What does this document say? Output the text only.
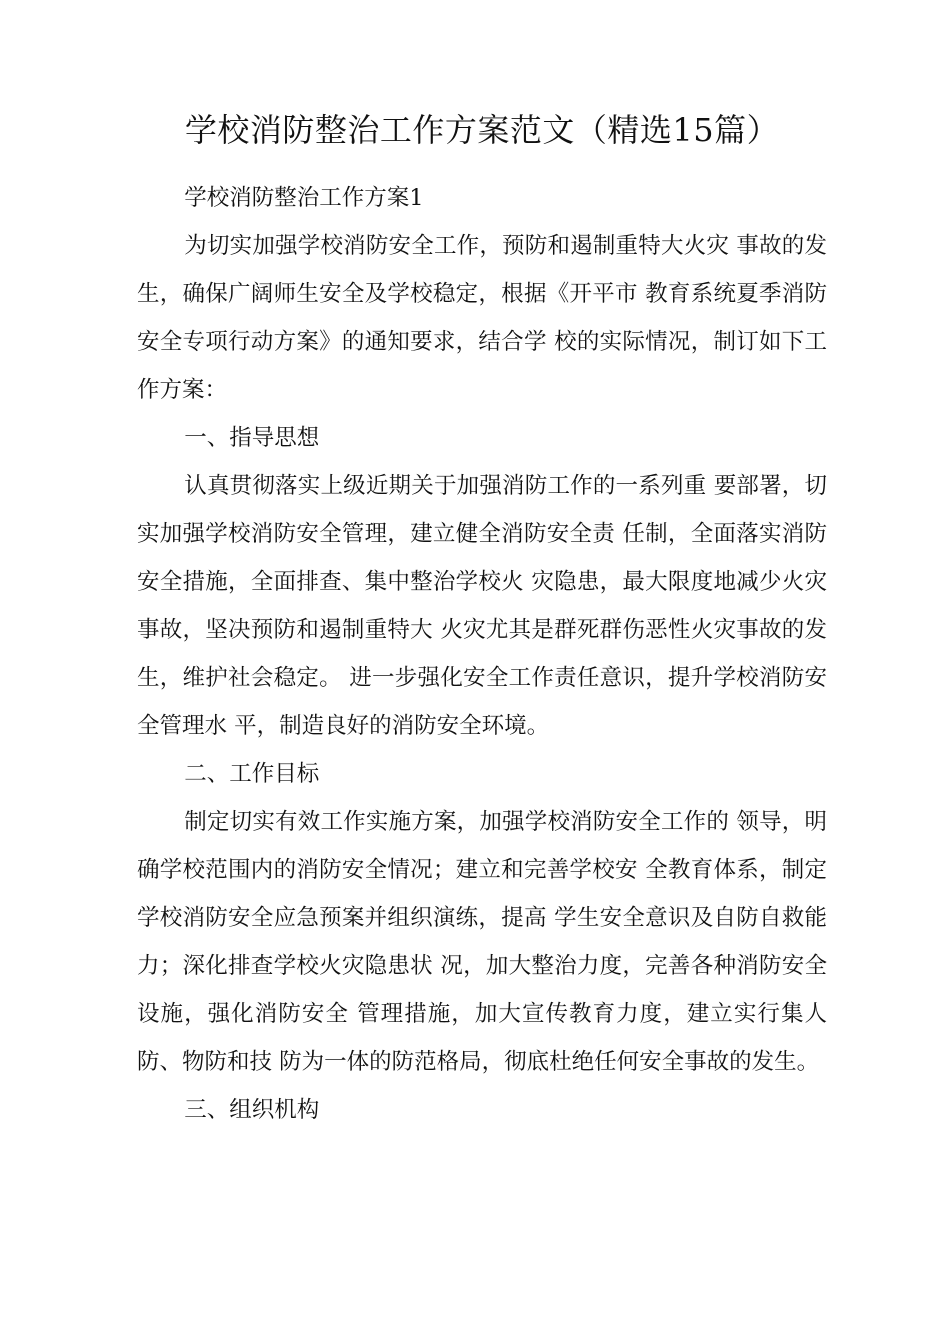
学校消防整治工作方案范文（精选15篇）
学校消防整治工作方案1

为切实加强学校消防安全工作，预防和遏制重特大火灾 事故的发生，确保广阔师生安全及学校稳定，根据《开平市 教育系统夏季消防安全专项行动方案》的通知要求，结合学 校的实际情况，制订如下工作方案：

一、指导思想

认真贯彻落实上级近期关于加强消防工作的一系列重 要部署，切实加强学校消防安全管理，建立健全消防安全责 任制，全面落实消防安全措施，全面排查、集中整治学校火 灾隐患，最大限度地减少火灾事故，坚决预防和遏制重特大 火灾尤其是群死群伤恶性火灾事故的发生，维护社会稳定。 进一步强化安全工作责任意识，提升学校消防安全管理水 平，制造良好的消防安全环境。

二、工作目标

制定切实有效工作实施方案，加强学校消防安全工作的 领导，明确学校范围内的消防安全情况；建立和完善学校安 全教育体系，制定学校消防安全应急预案并组织演练，提高 学生安全意识及自防自救能力；深化排查学校火灾隐患状 况，加大整治力度，完善各种消防安全设施，强化消防安全 管理措施，加大宣传教育力度，建立实行集人防、物防和技 防为一体的防范格局，彻底杜绝任何安全事故的发生。

三、组织机构
